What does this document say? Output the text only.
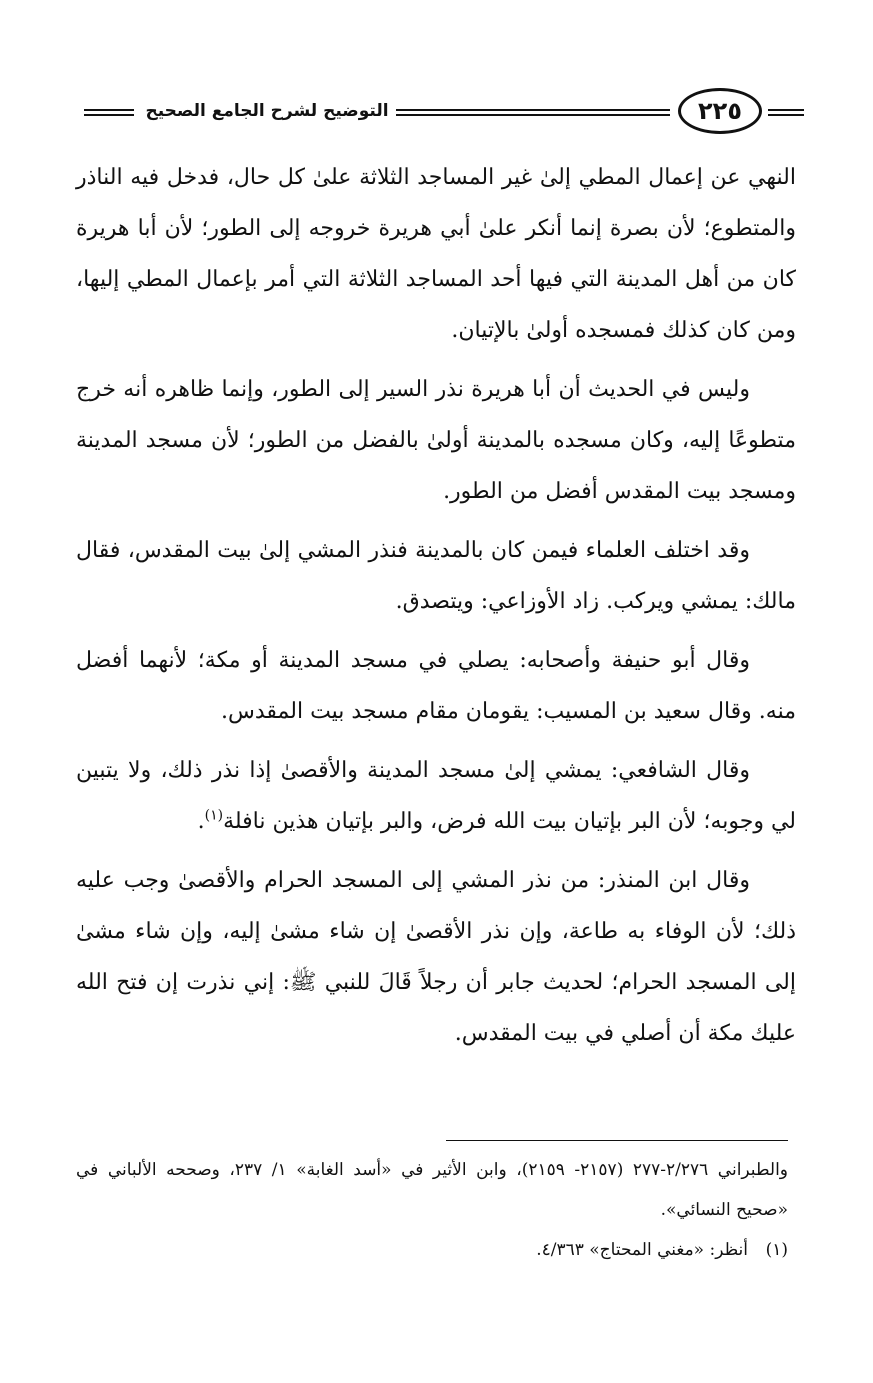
التوضيح لشرح الجامع الصحيح	٢٢٥

النهي عن إعمال المطي إلىٰ غير المساجد الثلاثة علىٰ كل حال، فدخل فيه الناذر والمتطوع؛ لأن بصرة إنما أنكر علىٰ أبي هريرة خروجه إلى الطور؛ لأن أبا هريرة كان من أهل المدينة التي فيها أحد المساجد الثلاثة التي أمر بإعمال المطي إليها، ومن كان كذلك فمسجده أولىٰ بالإتيان.

وليس في الحديث أن أبا هريرة نذر السير إلى الطور، وإنما ظاهره أنه خرج متطوعًا إليه، وكان مسجده بالمدينة أولىٰ بالفضل من الطور؛ لأن مسجد المدينة ومسجد بيت المقدس أفضل من الطور.

وقد اختلف العلماء فيمن كان بالمدينة فنذر المشي إلىٰ بيت المقدس، فقال مالك: يمشي ويركب. زاد الأوزاعي: ويتصدق.

وقال أبو حنيفة وأصحابه: يصلي في مسجد المدينة أو مكة؛ لأنهما أفضل منه. وقال سعيد بن المسيب: يقومان مقام مسجد بيت المقدس.

وقال الشافعي: يمشي إلىٰ مسجد المدينة والأقصىٰ إذا نذر ذلك، ولا يتبين لي وجوبه؛ لأن البر بإتيان بيت الله فرض، والبر بإتيان هذين نافلة$^{(١)}$.

وقال ابن المنذر: من نذر المشي إلى المسجد الحرام والأقصىٰ وجب عليه ذلك؛ لأن الوفاء به طاعة، وإن نذر الأقصىٰ إن شاء مشىٰ إليه، وإن شاء مشىٰ إلى المسجد الحرام؛ لحديث جابر أن رجلاً قَالَ للنبي ﷺ: إني نذرت إن فتح الله عليك مكة أن أصلي في بيت المقدس.

والطبراني ٢/٢٧٦-٢٧٧ (٢١٥٧- ٢١٥٩)، وابن الأثير في «أسد الغابة» ١/ ٢٣٧، وصححه الألباني في «صحيح النسائي».

(١)أنظر: «مغني المحتاج» ٤/٣٦٣.
